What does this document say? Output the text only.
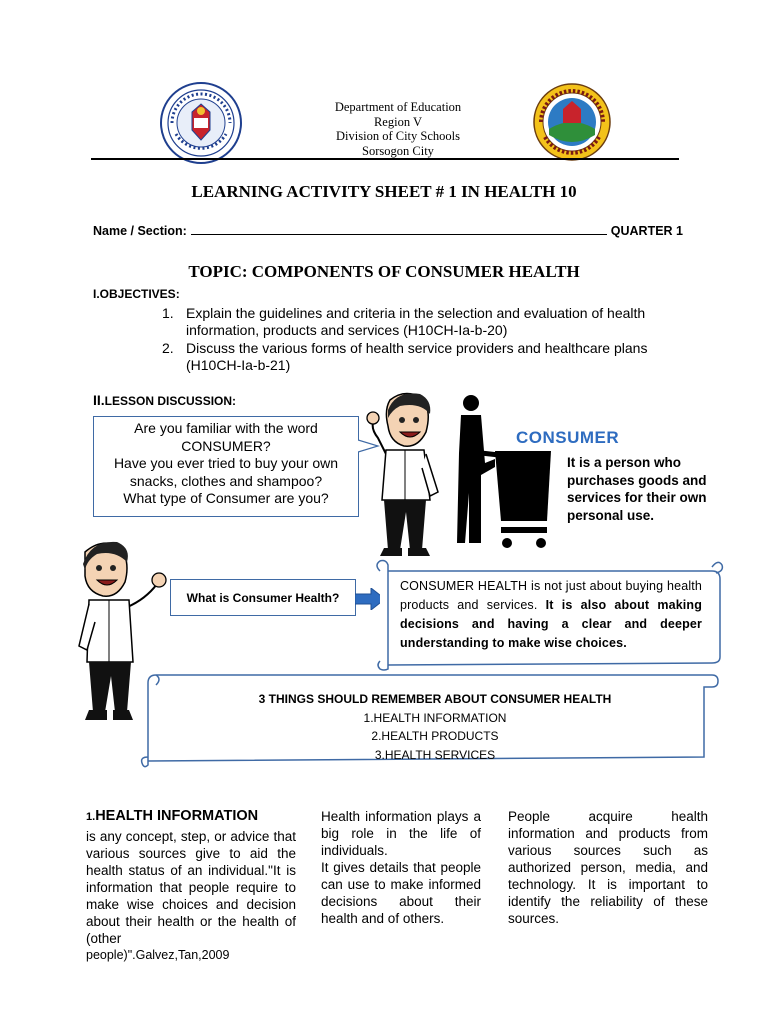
Department of Education
Region V
Division of City Schools
Sorsogon City
LEARNING ACTIVITY SHEET # 1 IN HEALTH 10
Name / Section:	QUARTER 1
TOPIC: COMPONENTS OF CONSUMER HEALTH
I.OBJECTIVES:
1. Explain the guidelines and criteria in the selection and evaluation of health information, products and services (H10CH-Ia-b-20)
2. Discuss the various forms of health service providers and healthcare plans (H10CH-Ia-b-21)
II.LESSON DISCUSSION:
Are you familiar with the word
CONSUMER?
Have you ever tried to buy your own
snacks, clothes and shampoo?
What type of Consumer are you?
CONSUMER
It is a person who purchases goods and services for their own personal use.
What is Consumer Health?
CONSUMER HEALTH is not just about buying health products and services. It is also about making decisions and having a clear and deeper understanding to make wise choices.
3 THINGS SHOULD REMEMBER ABOUT CONSUMER HEALTH
1.HEALTH INFORMATION
2.HEALTH PRODUCTS
3.HEALTH SERVICES
1.HEALTH INFORMATION
is any concept, step, or advice that various sources give to aid the health status of an individual."It is information that people require to make wise choices and decision about their health or the health of (other
people)".Galvez,Tan,2009
Health information plays a big role in the life of individuals.
It gives details that people can use to make informed decisions about their health and of others.
People acquire health information and products from various sources such as authorized person, media, and technology. It is important to identify the reliability of these sources.
